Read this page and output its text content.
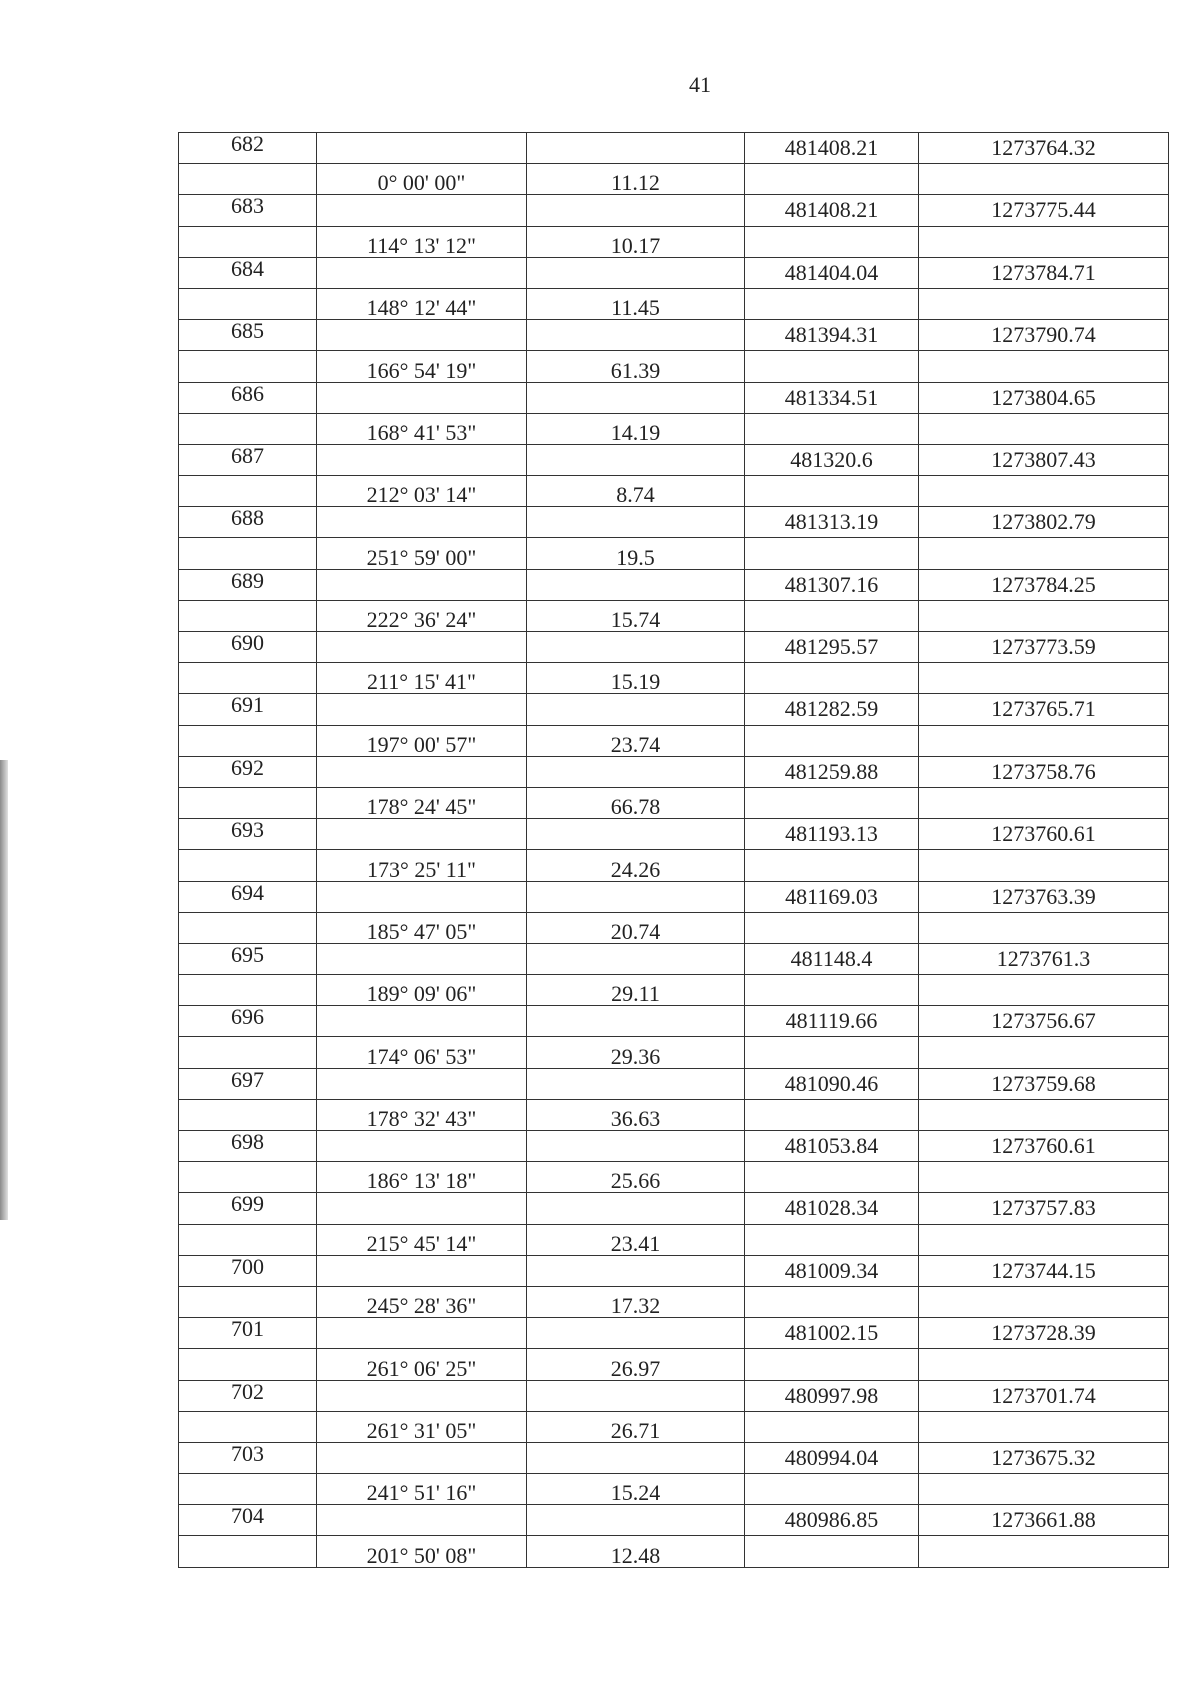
41
682			481408.21	1273764.32
	0° 00' 00"	11.12		
683			481408.21	1273775.44
	114° 13' 12"	10.17		
684			481404.04	1273784.71
	148° 12' 44"	11.45		
685			481394.31	1273790.74
	166° 54' 19"	61.39		
686			481334.51	1273804.65
	168° 41' 53"	14.19		
687			481320.6	1273807.43
	212° 03' 14"	8.74		
688			481313.19	1273802.79
	251° 59' 00"	19.5		
689			481307.16	1273784.25
	222° 36' 24"	15.74		
690			481295.57	1273773.59
	211° 15' 41"	15.19		
691			481282.59	1273765.71
	197° 00' 57"	23.74		
692			481259.88	1273758.76
	178° 24' 45"	66.78		
693			481193.13	1273760.61
	173° 25' 11"	24.26		
694			481169.03	1273763.39
	185° 47' 05"	20.74		
695			481148.4	1273761.3
	189° 09' 06"	29.11		
696			481119.66	1273756.67
	174° 06' 53"	29.36		
697			481090.46	1273759.68
	178° 32' 43"	36.63		
698			481053.84	1273760.61
	186° 13' 18"	25.66		
699			481028.34	1273757.83
	215° 45' 14"	23.41		
700			481009.34	1273744.15
	245° 28' 36"	17.32		
701			481002.15	1273728.39
	261° 06' 25"	26.97		
702			480997.98	1273701.74
	261° 31' 05"	26.71		
703			480994.04	1273675.32
	241° 51' 16"	15.24		
704			480986.85	1273661.88
	201° 50' 08"	12.48		
